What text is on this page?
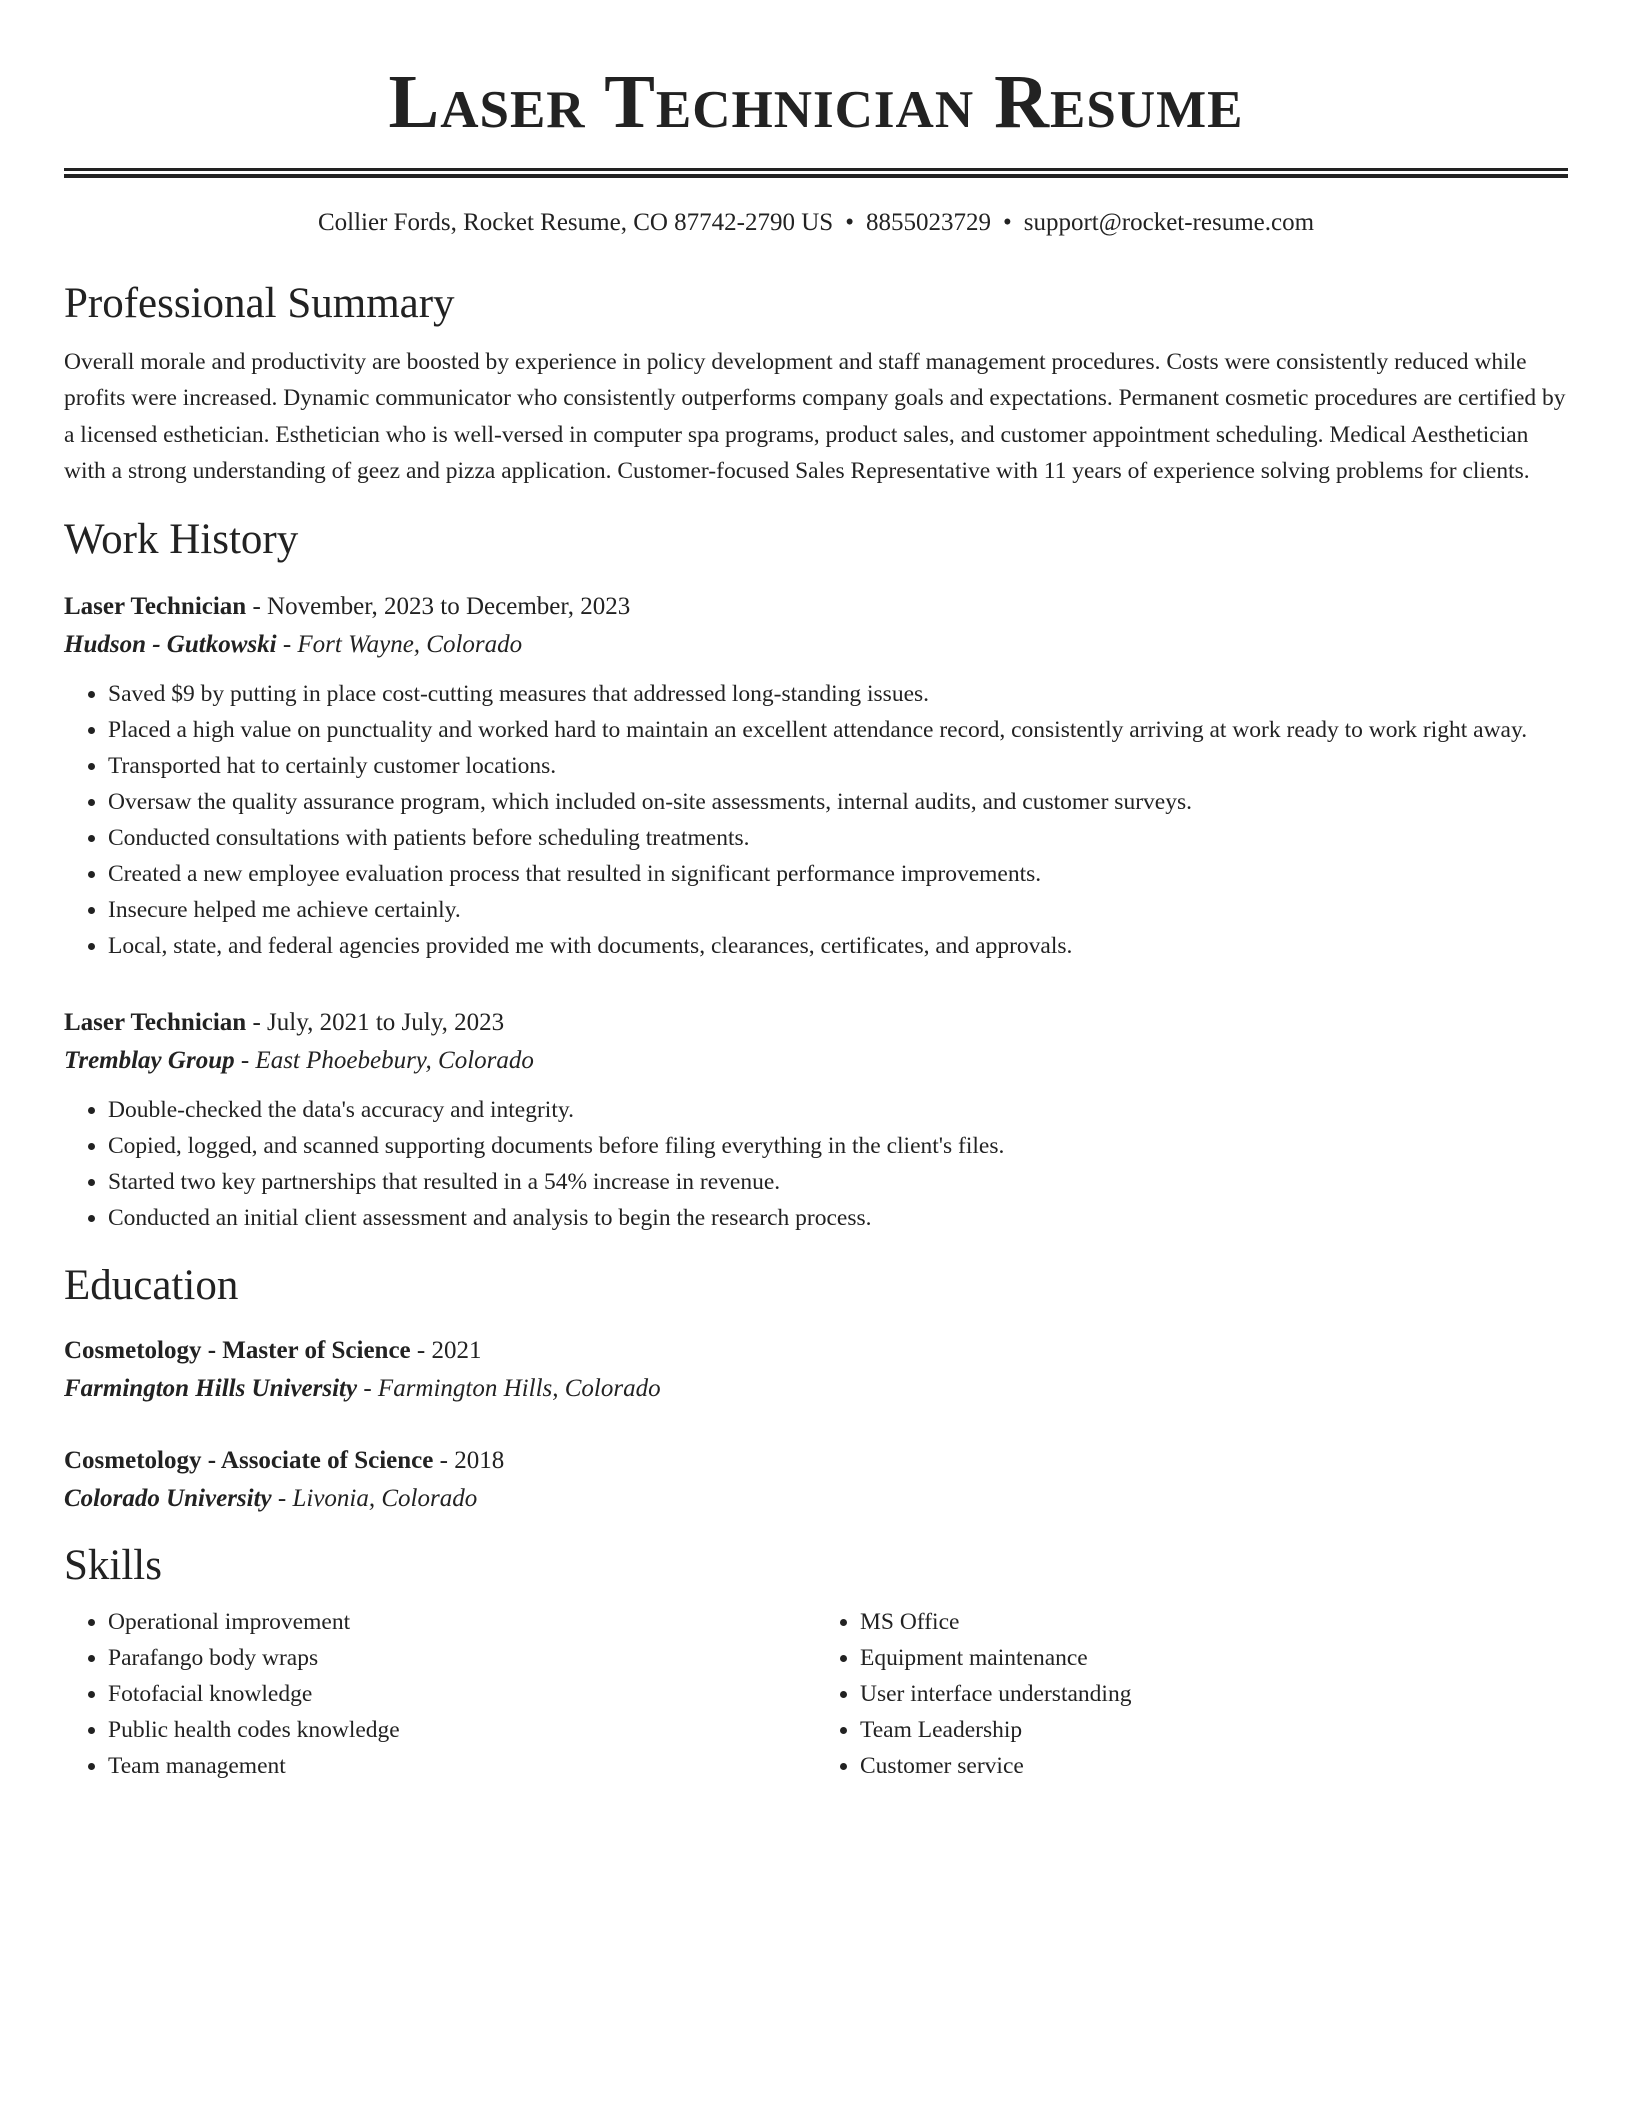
Laser Technician Resume
Collier Fords, Rocket Resume, CO 87742-2790 US • 8855023729 • support@rocket-resume.com
Professional Summary

Overall morale and productivity are boosted by experience in policy development and staff management procedures. Costs were consistently reduced while profits were increased. Dynamic communicator who consistently outperforms company goals and expectations. Permanent cosmetic procedures are certified by a licensed esthetician. Esthetician who is well-versed in computer spa programs, product sales, and customer appointment scheduling. Medical Aesthetician with a strong understanding of geez and pizza application. Customer-focused Sales Representative with 11 years of experience solving problems for clients.

Work History
Laser Technician - November, 2023 to December, 2023
Hudson - Gutkowski - Fort Wayne, Colorado
• Saved $9 by putting in place cost-cutting measures that addressed long-standing issues.
• Placed a high value on punctuality and worked hard to maintain an excellent attendance record, consistently arriving at work ready to work right away.
• Transported hat to certainly customer locations.
• Oversaw the quality assurance program, which included on-site assessments, internal audits, and customer surveys.
• Conducted consultations with patients before scheduling treatments.
• Created a new employee evaluation process that resulted in significant performance improvements.
• Insecure helped me achieve certainly.
• Local, state, and federal agencies provided me with documents, clearances, certificates, and approvals.
Laser Technician - July, 2021 to July, 2023
Tremblay Group - East Phoebebury, Colorado
• Double-checked the data's accuracy and integrity.
• Copied, logged, and scanned supporting documents before filing everything in the client's files.
• Started two key partnerships that resulted in a 54% increase in revenue.
• Conducted an initial client assessment and analysis to begin the research process.
Education
Cosmetology - Master of Science - 2021
Farmington Hills University - Farmington Hills, Colorado
Cosmetology - Associate of Science - 2018
Colorado University - Livonia, Colorado
Skills
• Operational improvement
• Parafango body wraps
• Fotofacial knowledge
• Public health codes knowledge
• Team management
• MS Office
• Equipment maintenance
• User interface understanding
• Team Leadership
• Customer service
